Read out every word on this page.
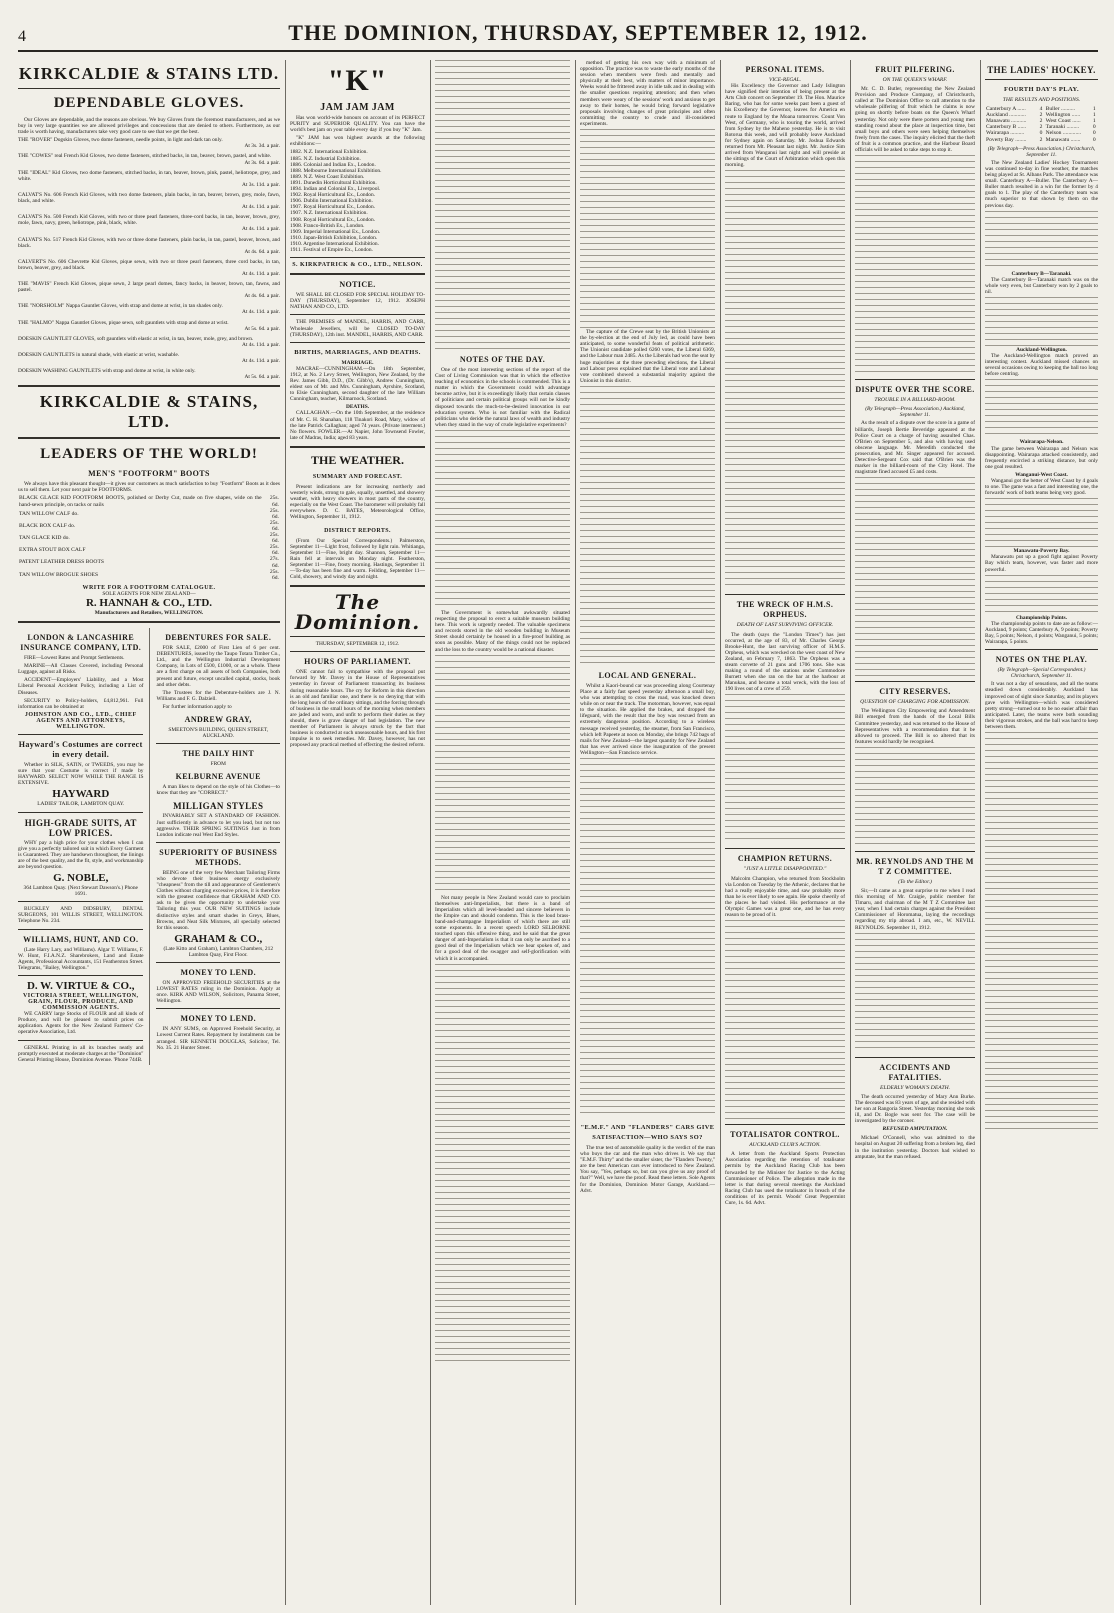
4	THE DOMINION, THURSDAY, SEPTEMBER 12, 1912.
KIRKCALDIE & STAINS LTD.
DEPENDABLE GLOVES.

Our Gloves are dependable, and the reasons are obvious. We buy Gloves from the foremost manufacturers, and as we buy in very large quantities we are allowed privileges and concessions that are denied to others. Furthermore, as our trade is worth having, manufacturers take very good care to see that we get the best.

THE "ROVER" Dogskin Gloves, two dome fasteners, needle points, in light and dark tan only.
At 3s. 3d. a pair.
THE "COWES" real French Kid Gloves, two dome fasteners, stitched backs, in tan, beaver, brown, pastel, and white.
At 3s. 6d. a pair.
THE "IDEAL" Kid Gloves, two dome fasteners, stitched backs, in tan, beaver, brown, pink, pastel, heliotrope, grey, and white.
At 3s. 11d. a pair.
CALVAT'S No. 606 French Kid Gloves, with two dome fasteners, plain backs, in tan, beaver, brown, grey, mole, fawn, black, and white.
At 4s. 11d. a pair.
CALVAT'S No. 500 French Kid Gloves, with two or three pearl fasteners, three-cord backs, in tan, beaver, brown, grey, mole, fawn, navy, green, heliotrope, pink, black, white.
At 4s. 11d. a pair.
CALVAT'S No. 517 French Kid Gloves, with two or three dome fasteners, plain backs, in tan, pastel, beaver, brown, and black.
At 4s. 6d. a pair.
CALVERT'S No. 606 Chevrette Kid Gloves, pique sewn, with two or three pearl fasteners, three cord backs, in tan, brown, beaver, grey, and black.
At 4s. 11d. a pair.
THE "MAVIS" French Kid Gloves, pique sewn, 2 large pearl domes, fancy backs, in beaver, brown, tan, fawns, and pastel.
At 4s. 6d. a pair.
THE "NORSHOLM" Nappa Gauntlet Gloves, with strap and dome at wrist, in tan shades only.
At 4s. 11d. a pair.
THE "HALMO" Nappa Gauntlet Gloves, pique sewn, soft gauntlets with strap and dome at wrist.
At 5s. 6d. a pair.
DOESKIN GAUNTLET GLOVES, soft gauntlets with elastic at wrist, in tan, beaver, mole, grey, and brown.
At 4s. 11d. a pair.
DOESKIN GAUNTLETS in natural shade, with elastic at wrist, washable.
At 4s. 11d. a pair.
DOESKIN WASHING GAUNTLETS with strap and dome at wrist, in white only.
At 5s. 6d. a pair.
KIRKCALDIE & STAINS, LTD.
LEADERS OF THE WORLD!
MEN'S "FOOTFORM" BOOTS

We always have this pleasant thought—it gives our customers as much satisfaction to buy "Footform" Boots as it does us to sell them. Let your next pair be FOOTFORMS.

BLACK GLACE KID FOOTFORM BOOTS, polished or Derby Cut, made on five shapes, wide on the hand-sewn principle, on tacks or nails	25s. 6d.
TAN WILLOW CALF do.	25s. 6d.
BLACK BOX CALF do.	25s. 6d.
TAN GLACE KID do.	25s. 6d.
EXTRA STOUT BOX CALF	25s. 6d.
PATENT LEATHER DRESS BOOTS	27s. 6d.
TAN WILLOW BROGUE SHOES	25s. 6d.
WRITE FOR A FOOTFORM CATALOGUE.
SOLE AGENTS FOR NEW ZEALAND—
R. HANNAH & CO., LTD.
Manufacturers and Retailers, WELLINGTON.
LONDON & LANCASHIRE INSURANCE COMPANY, LTD.

FIRE—Lowest Rates and Prompt Settlements.

MARINE—All Classes Covered, including Personal Luggage, against all Risks.

ACCIDENT—Employers' Liability, and a Most Liberal Personal Accident Policy, including a List of Diseases.

SECURITY to Policy-holders, £4,812,961. Full information can be obtained at

JOHNSTON AND CO., LTD., CHIEF AGENTS AND ATTORNEYS, WELLINGTON.
Hayward's Costumes are correct in every detail.

Whether in SILK, SATIN, or TWEEDS, you may be sure that your Costume is correct if made by HAYWARD. SELECT NOW WHILE THE RANGE IS EXTENSIVE.

HAYWARD
LADIES' TAILOR, LAMBTON QUAY.
HIGH-GRADE SUITS, AT LOW PRICES.

WHY pay a high price for your clothes when I can give you a perfectly tailored suit in which Every Garment is Guaranteed. They are handsewn throughout, the linings are of the best quality, and the fit, style, and workmanship are beyond question.

G. NOBLE,
364 Lambton Quay. (Next Stewart Dawson's.) Phone 1691.

BUCKLEY AND DIDSBURY, DENTAL SURGEONS, 101 WILLIS STREET, WELLINGTON. Telephone No. 234.

WILLIAMS, HUNT, AND CO.

(Late Harry Lary, and Williams). Algar T. Williams, F. W. Hunt, F.I.A.N.Z. Sharebrokers, Land and Estate Agents, Professional Accountants, 151 Featherston Street. Telegrams, "Bailey, Wellington."

D. W. VIRTUE & CO.,
VICTORIA STREET, WELLINGTON, GRAIN, FLOUR, PRODUCE, AND COMMISSION AGENTS.

WE CARRY large Stocks of FLOUR and all kinds of Produce, and will be pleased to submit prices on application. Agents for the New Zealand Farmers' Co-operative Association, Ltd.

GENERAL Printing in all its branches neatly and promptly executed at moderate charges at the "Dominion" General Printing House, Dominion Avenue. 'Phone 744B.

DEBENTURES FOR SALE.

FOR SALE, £2000 of First Lien of 6 per cent. DEBENTURES, issued by the Taupo Totara Timber Co., Ltd., and the Wellington Industrial Development Company, in Lots of £500, £1000, or as a whole. These are a first charge on all assets of both Companies, both present and future, except uncalled capital, stocks, book and other debts.

The Trustees for the Debenture-holders are J. N. Williams and F. G. Dalziell.

For further information apply to

ANDREW GRAY,
SMEETON'S BUILDING, QUEEN STREET, AUCKLAND.
THE DAILY HINT
FROM
KELBURNE AVENUE

A man likes to depend on the style of his Clothes—to know that they are "CORRECT."

MILLIGAN STYLES

INVARIABLY SET A STANDARD OF FASHION. Just sufficiently in advance to let you lead, but not too aggressive. THEIR SPRING SUITINGS Just in from London indicate real West End Styles.

SUPERIORITY OF BUSINESS METHODS.

BEING one of the very few Merchant Tailoring Firms who devote their business energy exclusively "cheapness" from the till and appearance of Gentlemen's Clothes without charging excessive prices, it is therefore with the greatest confidence that GRAHAM AND CO. ask to be given the opportunity to undertake your Tailoring this year. OUR NEW SUITINGS include distinctive styles and smart shades in Greys, Blues, Browns, and Neat Silk Mixtures, all specially selected for this season.

GRAHAM & CO.,
(Late Kitto and Graham), Lambton Chambers, 212 Lambton Quay, First Floor.
MONEY TO LEND.

ON APPROVED FREEHOLD SECURITIES at the LOWEST RATES ruling in the Dominion. Apply at once. KIRK AND WILSON, Solicitors, Panama Street, Wellington.

MONEY TO LEND.

IN ANY SUMS, on Approved Freehold Security, at Lowest Current Rates. Repayment by instalments can be arranged. SIR KENNETH DOUGLAS, Solicitor, Tel. No. 35. 21 Hunter Street.

"K"
JAM JAM JAM

Has won world-wide honours on account of its PERFECT PURITY and SUPERIOR QUALITY. You can have the world's best jam on your table every day if you buy "K" Jam.

"K" JAM has won highest awards at the following exhibitions:—

1882. N.Z. International Exhibition.
1885. N.Z. Industrial Exhibition.
1886. Colonial and Indian Ex., London.
1888. Melbourne International Exhibition.
1889. N.Z. West Coast Exhibition.
1891. Dunedin Horticultural Exhibition.
1894. Indian and Colonial Ex., Liverpool.
1902. Royal Horticultural Ex., London.
1906. Dublin International Exhibition.
1907. Royal Horticultural Ex., London.
1907. N.Z. International Exhibition.
1908. Royal Horticultural Ex., London.
1908. Franco-British Ex., London.
1909. Imperial International Ex., London.
1910. Japan-British Exhibition, London.
1910. Argentine International Exhibition.
1911. Festival of Empire Ex., London.
S. KIRKPATRICK & CO., LTD., NELSON.
NOTICE.

WE SHALL BE CLOSED FOR SPECIAL HOLIDAY TO-DAY (THURSDAY), September 12, 1912. JOSEPH NATHAN AND CO., LTD.

THE PREMISES of MANDEL, HARRIS, AND CARR, Wholesale Jewellers, will be CLOSED TO-DAY (THURSDAY), 12th inst. MANDEL, HARRIS, AND CARR.

BIRTHS, MARRIAGES, AND DEATHS.
MARRIAGE.

MACRAE—CUNNINGHAM.—On 18th September, 1912, at No. 2 Levy Street, Wellington, New Zealand, by the Rev. James Gibb, D.D., (Dr. Gibb's), Andrew Cunningham, eldest son of Mr. and Mrs. Cunningham, Ayrshire, Scotland, to Elsie Cunningham, second daughter of the late William Cunningham, teacher, Kilmarnock, Scotland.

DEATHS.

CALLAGHAN.—On the 10th September, at the residence of Mr. C. H. Shanahan, 118 Tinakori Road, Mary, widow of the late Patrick Callaghan; aged 74 years. (Private interment.) No flowers. FOWLER.—At Napier, John Townsend Fowler, late of Madras, India; aged 83 years.

THE WEATHER.
SUMMARY AND FORECAST.

Present indications are for increasing northerly and westerly winds, strong to gale, squally, unsettled, and showery weather, with heavy showers in most parts of the country, especially on the West Coast. The barometer will probably fall everywhere. D. C. BATES, Meteorological Office, Wellington, September 11, 1912.

DISTRICT REPORTS.

(From Our Special Correspondents.) Palmerston, September 11—Light frost, followed by light rain. Whitianga, September 11—Fine, bright day. Shannon, September 11—Rain fell at intervals on Monday night. Featherston, September 11—Fine, frosty morning. Hastings, September 11—To-day has been fine and warm. Feilding, September 11—Cold, showery, and windy day and night.

The Dominion.
THURSDAY, SEPTEMBER 12, 1912.
HOURS OF PARLIAMENT.

ONE cannot fail to sympathise with the proposal put forward by Mr. Davey in the House of Representatives yesterday in favour of Parliament transacting its business during reasonable hours. The cry for Reform in this direction is an old and familiar one, and there is no denying that with the long hours of the ordinary sittings, and the forcing through of business in the small hours of the morning when members are jaded and worn, and unfit to perform their duties as they should, there is grave danger of bad legislation. The new member of Parliament is always struck by the fact that business is conducted at such unseasonable hours, and his first impulse is to seek remedies. Mr. Davey, however, has not proposed any practical method of effecting the desired reform.

NOTES OF THE DAY.

One of the most interesting sections of the report of the Cost of Living Commission was that in which the effective teaching of economics in the schools is commended. This is a matter in which the Government could with advantage become active, but it is exceedingly likely that certain classes of politicians and certain political groups will not be kindly disposed towards the much-to-be-desired innovation in our education system. Who is not familiar with the Radical politicians who deride the natural laws of wealth and industry when they stand in the way of crude legislative experiments?

The Government is somewhat awkwardly situated respecting the proposal to erect a suitable museum building here. This work is urgently needed. The valuable specimens and records stored in the old wooden building in Museum Street should certainly be housed in a fire-proof building as soon as possible. Many of the things could not be replaced and the loss to the country would be a national disaster.

Not many people in New Zealand would care to proclaim themselves anti-Imperialists, but there is a band of Imperialists which all level-headed and sincere believers in the Empire can and should condemn. This is the loud brass-band-and-champagne Imperialism of which there are still some exponents. In a recent speech LORD SELBORNE touched upon this offensive thing, and he said that the great danger of anti-Imperialism is that it can only be ascribed to a good deal of the Imperialism which we hear spoken of, and for a good deal of the swagger and self-glorification with which it is accompanied.

method of getting his own way with a minimum of opposition. The practice was to waste the early months of the session when members were fresh and mentally and physically at their best, with matters of minor importance. Weeks would be frittered away in idle talk and in dealing with the smaller questions requiring attention; and then when members were weary of the sessions' work and anxious to get away to their homes, he would bring forward legislative proposals involving changes of great principles and often committing the country to crude and ill-considered experiments.

The capture of the Crewe seat by the British Unionists at the by-election at the end of July led, as could have been anticipated, to some wonderful feats of political arithmetic. The Unionist candidate polled 6260 votes, the Liberal 6369, and the Labour man 2485. As the Liberals had won the seat by huge majorities at the three preceding elections, the Liberal and Labour press explained that the Liberal vote and Labour vote combined showed a substantial majority against the Unionist in this district.

LOCAL AND GENERAL.

Whilst a Kaori-bound car was proceeding along Courtenay Place at a fairly fast speed yesterday afternoon a small boy, who was attempting to cross the road, was knocked down while on or near the track. The motorman, however, was equal to the situation. He applied the brakes, and dropped the lifeguard, with the result that the boy was rescued from an extremely dangerous position. According to a wireless message received yesterday, the steamer, from San Francisco, which left Papeete at noon on Monday, she brings 742 bags of mails for New Zealand—the largest quantity for New Zealand that has ever arrived since the inauguration of the present Wellington—San Francisco service.

"E.M.F." AND "FLANDERS" CARS GIVE SATISFACTION—WHO SAYS SO?

The true test of automobile quality is the verdict of the man who buys the car and the man who drives it. We say that "E.M.F. Thirty" and the smaller sister, the "Flanders Twenty," are the best American cars ever introduced to New Zealand. You say, "Yes, perhaps so, but can you give us any proof of that?" Well, we have the proof. Read these letters. Sole Agents for the Dominion, Dominion Motor Garage, Auckland.—Advt.

PERSONAL ITEMS.
VICE-REGAL.

His Excellency the Governor and Lady Islington have signified their intention of being present at the Arts Club concert on September 19. The Hon. Maurice Baring, who has for some weeks past been a guest of his Excellency the Governor, leaves for America en route to England by the Moana tomorrow. Count Von West, of Germany, who is touring the world, arrived from Sydney by the Maheno yesterday. He is to visit Rotorua this week, and will probably leave Auckland for Sydney again on Saturday. Mr. Joshua Edwards returned from Mt. Pleasant last night. Mr. Justice Sim arrived from Wanganui last night and will preside at the sittings of the Court of Arbitration which open this morning.

THE WRECK OF H.M.S. ORPHEUS.
DEATH OF LAST SURVIVING OFFICER.

The death (says the "London Times") has just occurred, at the age of 83, of Mr. Charles George Brooke-Hunt, the last surviving officer of H.M.S. Orpheus, which was wrecked on the west coast of New Zealand, on February 7, 1863. The Orpheus was a steam corvette of 21 guns and 1706 tons. She was making a round of the stations under Commodore Burnett when she ran on the bar at the harbour at Manukau, and became a total wreck, with the loss of 190 lives out of a crew of 259.

CHAMPION RETURNS.
"JUST A LITTLE DISAPPOINTED."

Malcolm Champion, who returned from Stockholm via London on Tuesday by the Athenic, declares that he had a really enjoyable time, and saw probably more than he is ever likely to see again. He spoke cheerily of the places he had visited. His performance at the Olympic Games was a great one, and he has every reason to be proud of it.

TOTALISATOR CONTROL.
AUCKLAND CLUB'S ACTION.

A letter from the Auckland Sports Protection Association regarding the retention of totalisator permits by the Auckland Racing Club has been forwarded by the Minister for Justice to the Acting Commissioner of Police. The allegation made in the letter is that during several meetings the Auckland Racing Club has used the totalisator in breach of the conditions of its permit. Woods' Great Peppermint Cure, 1s. 6d. Advt.

FRUIT PILFERING.
ON THE QUEEN'S WHARF.

Mr. C. D. Butler, representing the New Zealand Provision and Produce Company, of Christchurch, called at The Dominion Office to call attention to the wholesale pilfering of fruit which he claims is now going on shortly before boats on the Queen's Wharf yesterday. Not only were there porters and young men standing round about the place at inspection time, but small boys and others were seen helping themselves freely from the cases. The inquiry elicited that the theft of fruit is a common practice, and the Harbour Board officials will be asked to take steps to stop it.

DISPUTE OVER THE SCORE.
TROUBLE IN A BILLIARD-ROOM.
(By Telegraph—Press Association.) Auckland, September 11.

As the result of a dispute over the score in a game of billiards, Joseph Bertie Beveridge appeared at the Police Court on a charge of having assaulted Chas. O'Brien on September 5, and also with having used obscene language. Mr. Meredith conducted the prosecution, and Mr. Singer appeared for accused. Detective-Sergeant Cox said that O'Brien was the marker in the billiard-room of the City Hotel. The magistrate fined accused £5 and costs.

CITY RESERVES.
QUESTION OF CHARGING FOR ADMISSION.

The Wellington City Empowering and Amendment Bill emerged from the hands of the Local Bills Committee yesterday, and was returned to the House of Representatives with a recommendation that it be allowed to proceed. The Bill is so altered that its features would hardly be recognised.

MR. REYNOLDS AND THE M T Z COMMITTEE.
(To the Editor.)

Sir,—It came as a great surprise to me when I read this morning of Mr. Craigie, public member for Timaru, and chairman of the M T Z Committee last year, when I had certain charges against the President Commissioner of Horomatua, laying the recordings regarding my trip abroad. I am, etc., W. NEVILL REYNOLDS. September 11, 1912.

ACCIDENTS AND FATALITIES.
ELDERLY WOMAN'S DEATH.

The death occurred yesterday of Mary Ann Burke. The deceased was 83 years of age, and she resided with her son at Rangoria Street. Yesterday morning she took ill, and Dr. Bogle was sent for. The case will be investigated by the coroner.

REFUSED AMPUTATION.

Michael O'Connell, who was admitted to the hospital on August 20 suffering from a broken leg, died in the institution yesterday. Doctors had wished to amputate, but the man refused.

THE LADIES' HOCKEY.
FOURTH DAY'S PLAY.
THE RESULTS AND POSITIONS.
Canterbury A ......	4	Buller ..........	1
Auckland ............	2	Wellington ......	1
Manawatu ...........	2	West Coast ......	1
Canterbury B ......	2	Taranaki .........	0
Wairarapa ..........	0	Nelson .............	0
Poverty Bay ........	2	Manawatu .......	0
(By Telegraph—Press Association.) Christchurch, September 11.

The New Zealand Ladies' Hockey Tournament was continued to-day in fine weather, the matches being played at St. Albans Park. The attendance was small. Canterbury A—Buller. The Canterbury A—Buller match resulted in a win for the former by 4 goals to 1. The play of the Canterbury team was much superior to that shown by them on the previous day.

Canterbury B—Taranaki.

The Canterbury B—Taranaki match was on the whole very even, but Canterbury won by 2 goals to nil.

Auckland-Wellington.

The Auckland-Wellington match proved an interesting contest. Auckland missed chances on several occasions owing to keeping the ball too long before centring.

Wairarapa-Nelson.

The game between Wairarapa and Nelson was disappointing. Wairarapa attacked consistently, and frequently encircled a striking distance, but only one goal resulted.

Wanganui-West Coast.

Wanganui got the better of West Coast by 4 goals to one. The game was a fast and interesting one, the forwards' work of both teams being very good.

Manawatu-Poverty Bay.

Manawatu put up a good fight against Poverty Bay which team, however, was faster and more powerful.

Championship Points.

The championship points to date are as follow:—Auckland, 9 points; Canterbury A, 9 points; Poverty Bay, 5 points; Nelson, 4 points; Wanganui, 5 points; Wairarapa, 5 points.

NOTES ON THE PLAY.
(By Telegraph—Special Correspondent.) Christchurch, September 11.

It was not a day of sensations, and all the teams steadied down considerably. Auckland has improved out of sight since Saturday, and its players gave with Wellington—which was considered pretty strong—turned out to be no easier affair than anticipated. Later, the teams were both sounding their vigorous strokes, and the ball was hard to keep between them.
